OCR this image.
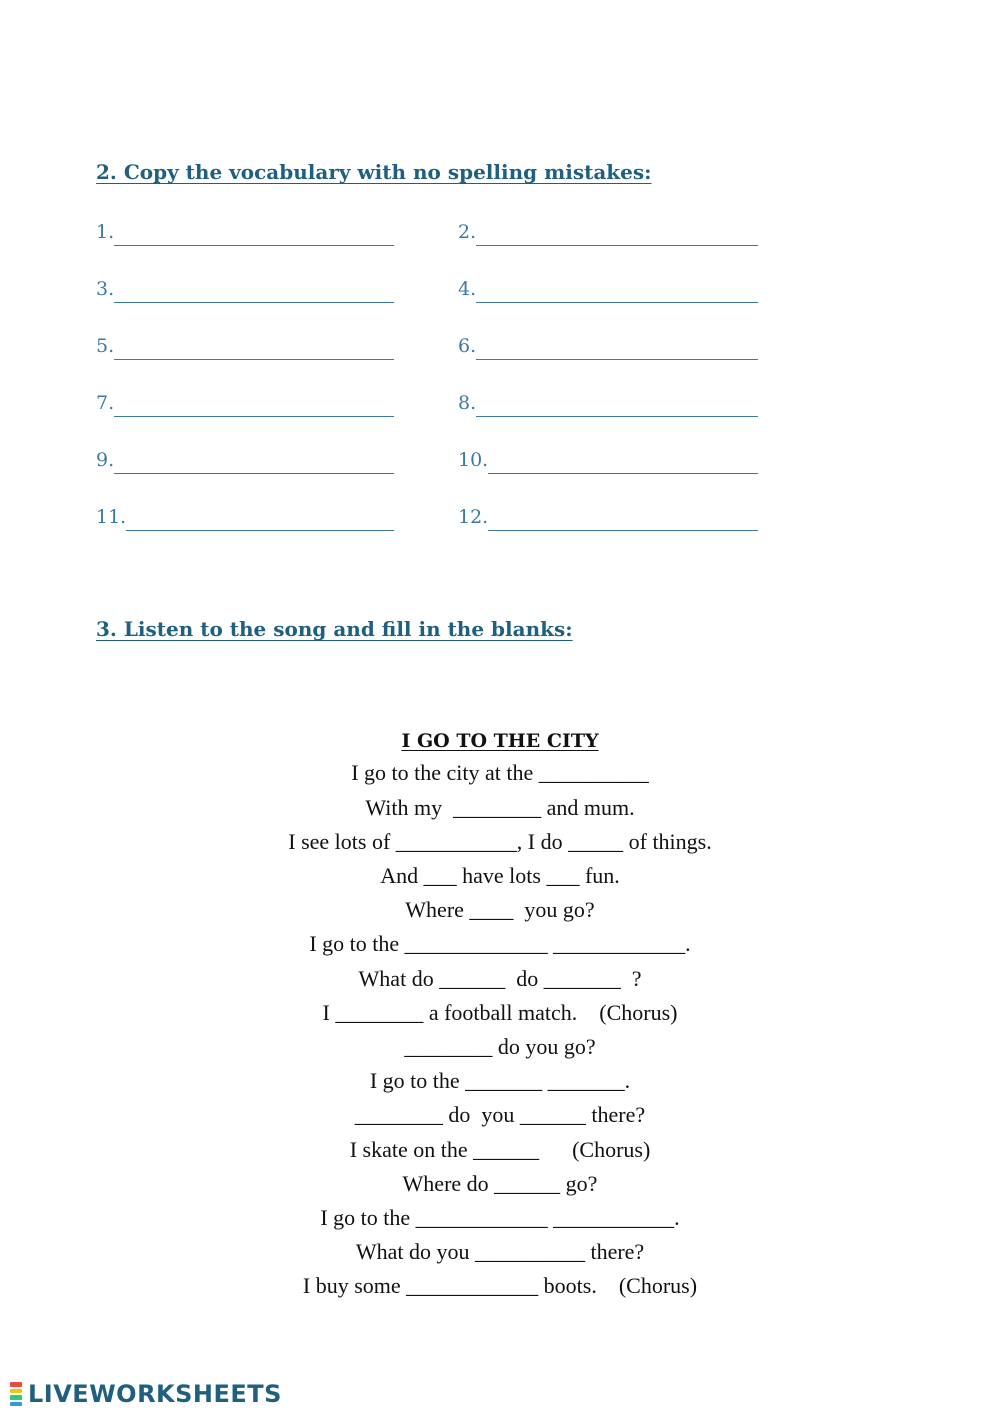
2. Copy the vocabulary with no spelling mistakes:
1.	2.
3.	4.
5.	6.
7.	8.
9.	10.
11.	12.
3. Listen to the song and fill in the blanks:
I GO TO THE CITY
I go to the city at the __________
With my  ________ and mum.
I see lots of ___________, I do _____ of things.
And ___ have lots ___ fun.
Where ____  you go?
I go to the _____________ ____________.
What do ______  do _______  ?
I ________ a football match.    (Chorus)
________ do you go?
I go to the _______ _______.
________ do  you ______ there?
I skate on the ______      (Chorus)
Where do ______ go?
I go to the ____________ ___________.
What do you __________ there?
I buy some ____________ boots.    (Chorus)
LIVEWORKSHEETS
